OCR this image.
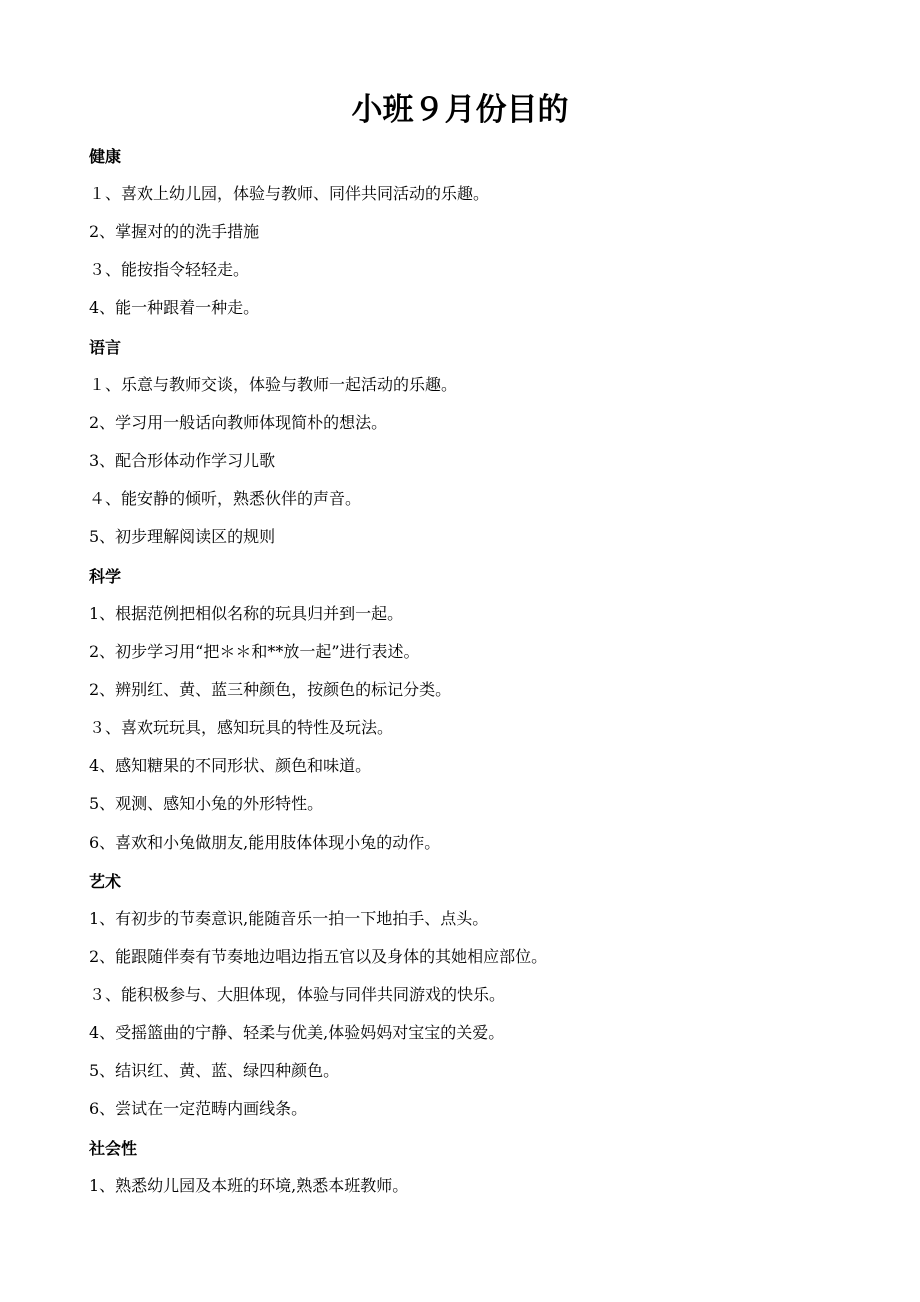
小班９月份目的
健康
１、喜欢上幼儿园，体验与教师、同伴共同活动的乐趣。
2、掌握对的的洗手措施
３、能按指令轻轻走。
4、能一种跟着一种走。
语言
１、乐意与教师交谈，体验与教师一起活动的乐趣。
2、学习用一般话向教师体现简朴的想法。
3、配合形体动作学习儿歌
４、能安静的倾听，熟悉伙伴的声音。
5、初步理解阅读区的规则
科学
1、根据范例把相似名称的玩具归并到一起。
2、初步学习用“把＊＊和**放一起”进行表述。
2、辨别红、黄、蓝三种颜色，按颜色的标记分类。
３、喜欢玩玩具，感知玩具的特性及玩法。
4、感知糖果的不同形状、颜色和味道。
5、观测、感知小兔的外形特性。
6、喜欢和小兔做朋友,能用肢体体现小兔的动作。
艺术
1、有初步的节奏意识,能随音乐一拍一下地拍手、点头。
2、能跟随伴奏有节奏地边唱边指五官以及身体的其她相应部位。
３、能积极参与、大胆体现，体验与同伴共同游戏的快乐。
4、受摇篮曲的宁静、轻柔与优美,体验妈妈对宝宝的关爱。
5、结识红、黄、蓝、绿四种颜色。
6、尝试在一定范畴内画线条。
社会性
1、熟悉幼儿园及本班的环境,熟悉本班教师。
